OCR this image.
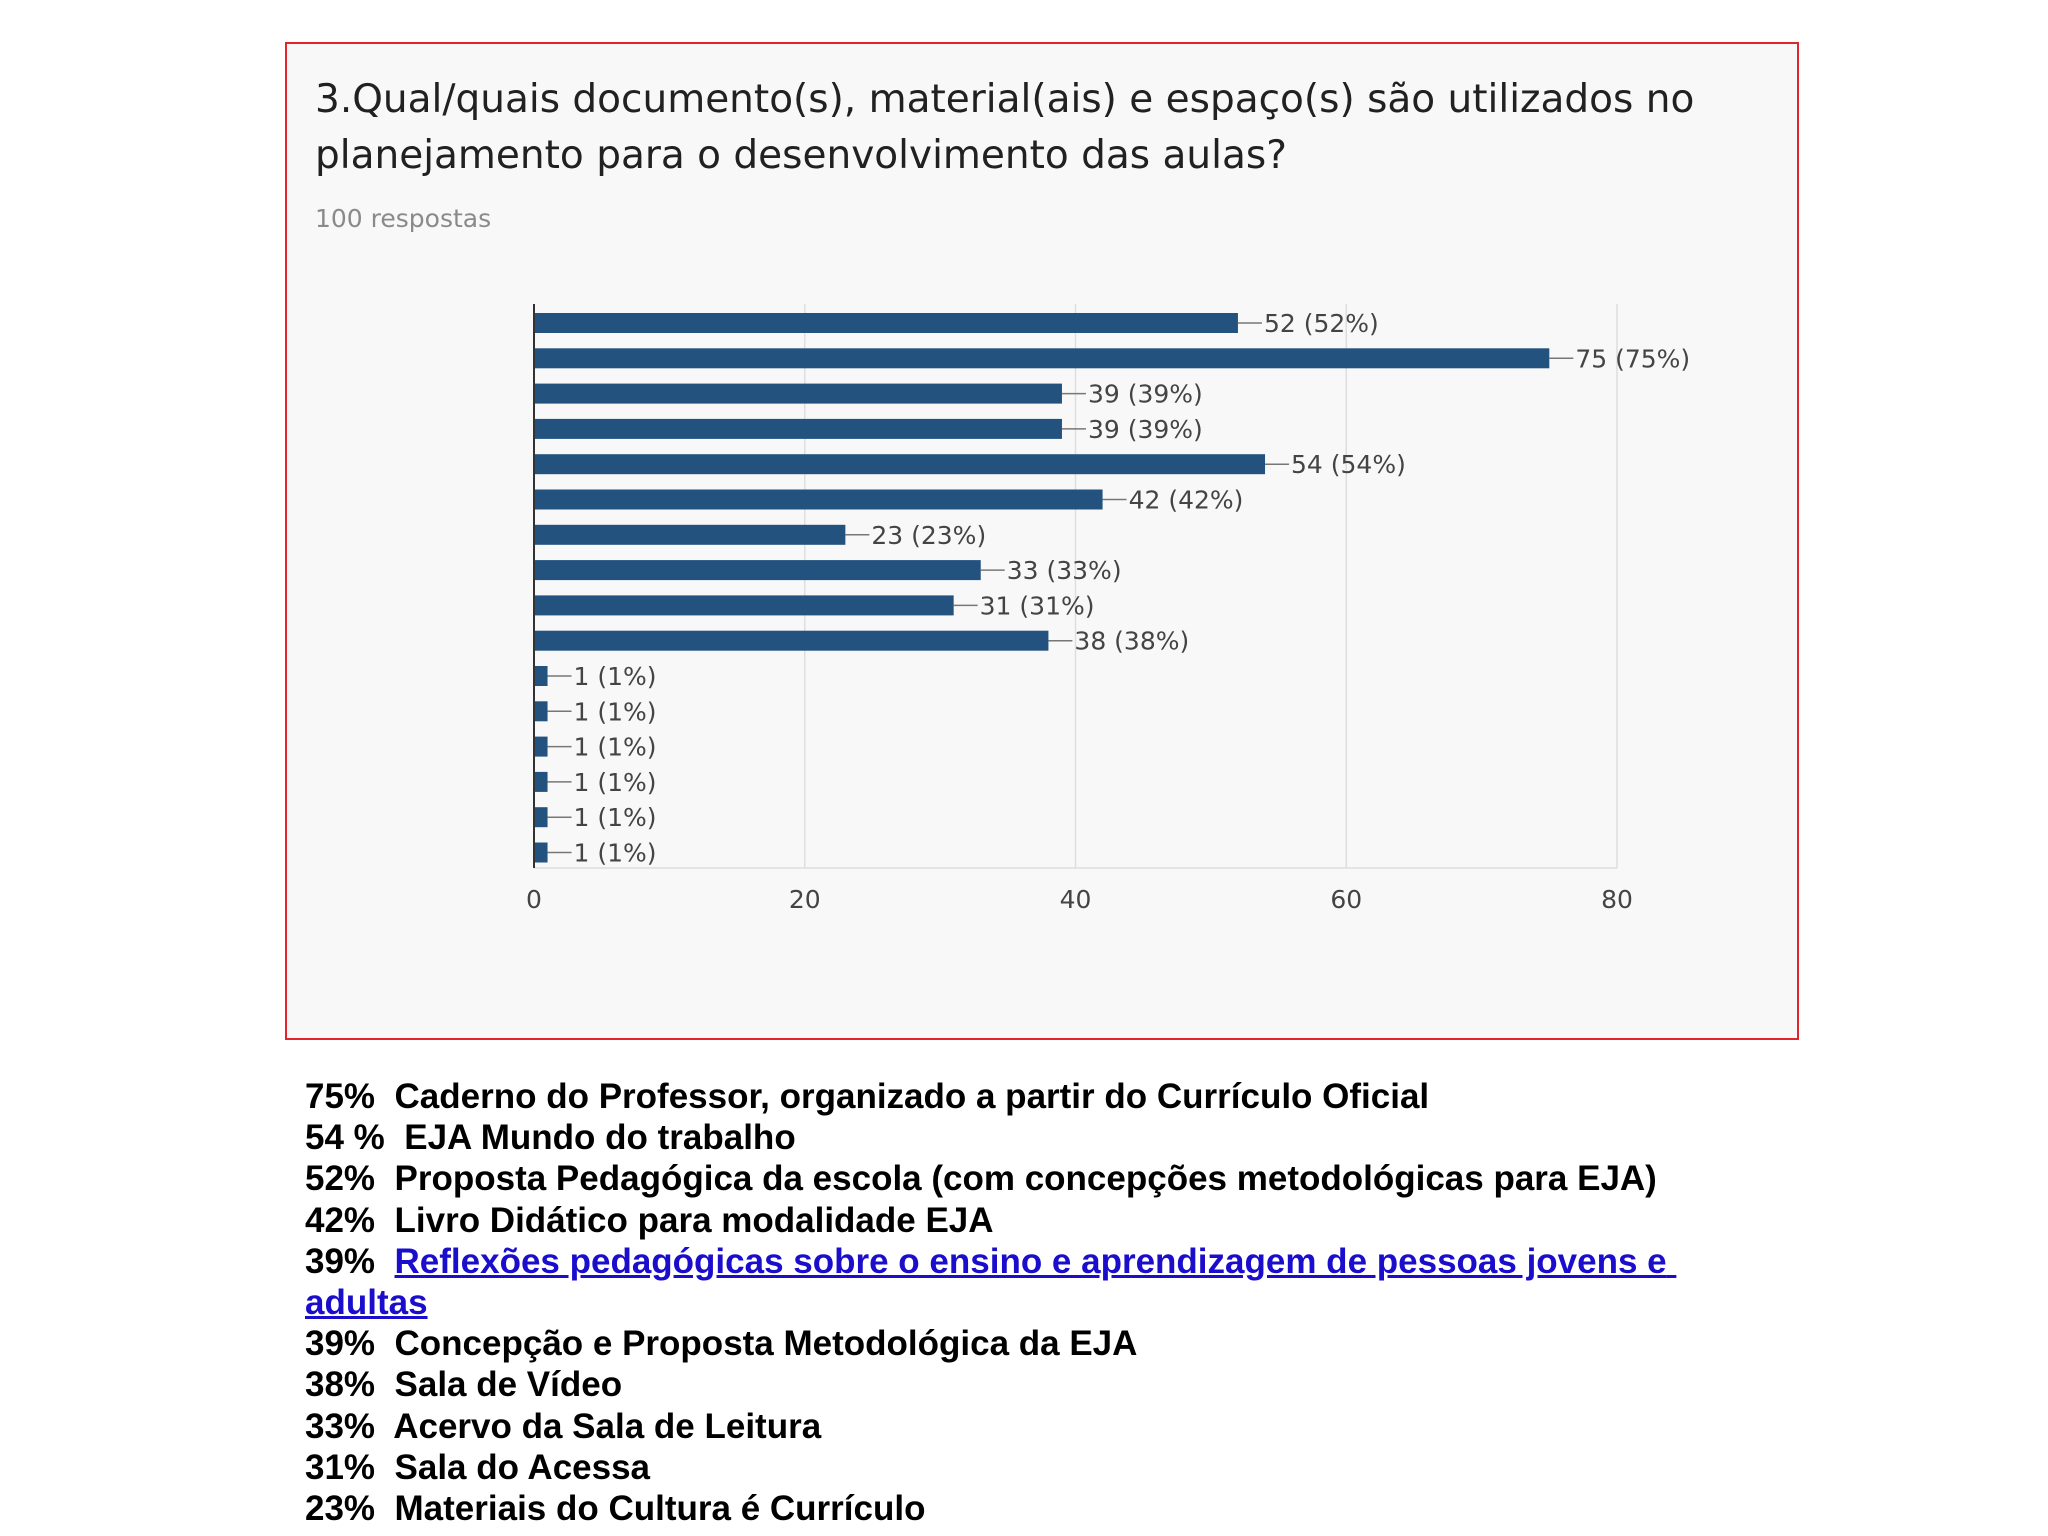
0	20	40	60	80
52 (52%)
75 (75%)
39 (39%)
39 (39%)
54 (54%)
42 (42%)
23 (23%)
33 (33%)
31 (31%)
38 (38%)
1 (1%)
1 (1%)
1 (1%)
1 (1%)
1 (1%)
1 (1%)
3.Qual/quais documento(s), material(ais) e espaço(s) são utilizados no planejamento para o desenvolvimento das aulas?

100 respostas

75% Caderno do Professor, organizado a partir do Currículo Oficial
54 % EJA Mundo do trabalho
52% Proposta Pedagógica da escola (com concepções metodológicas para EJA)
42% Livro Didático para modalidade EJA
39% Reflexões pedagógicas sobre o ensino e aprendizagem de pessoas jovens e adultas
39% Concepção e Proposta Metodológica da EJA
38% Sala de Vídeo
33% Acervo da Sala de Leitura
31% Sala do Acessa
23% Materiais do Cultura é Currículo
